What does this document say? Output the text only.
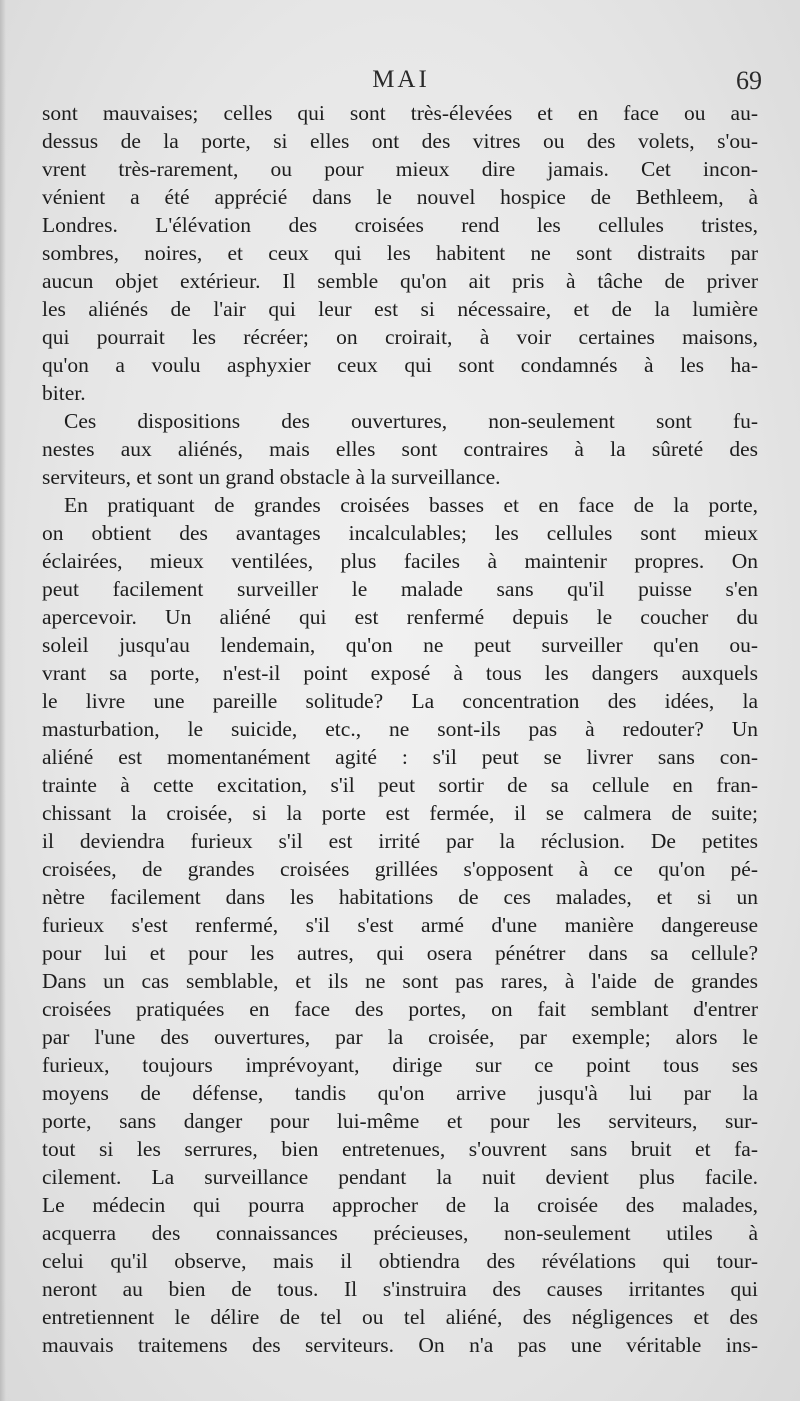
MAI	69
sont mauvaises; celles qui sont très-élevées et en face ou au-
dessus de la porte, si elles ont des vitres ou des volets, s'ou-
vrent très-rarement, ou pour mieux dire jamais. Cet incon-
vénient a été apprécié dans le nouvel hospice de Bethleem, à
Londres. L'élévation des croisées rend les cellules tristes,
sombres, noires, et ceux qui les habitent ne sont distraits par
aucun objet extérieur. Il semble qu'on ait pris à tâche de priver
les aliénés de l'air qui leur est si nécessaire, et de la lumière
qui pourrait les récréer; on croirait, à voir certaines maisons,
qu'on a voulu asphyxier ceux qui sont condamnés à les ha-
biter.
Ces dispositions des ouvertures, non-seulement sont fu-
nestes aux aliénés, mais elles sont contraires à la sûreté des
serviteurs, et sont un grand obstacle à la surveillance.
En pratiquant de grandes croisées basses et en face de la porte,
on obtient des avantages incalculables; les cellules sont mieux
éclairées, mieux ventilées, plus faciles à maintenir propres. On
peut facilement surveiller le malade sans qu'il puisse s'en
apercevoir. Un aliéné qui est renfermé depuis le coucher du
soleil jusqu'au lendemain, qu'on ne peut surveiller qu'en ou-
vrant sa porte, n'est-il point exposé à tous les dangers auxquels
le livre une pareille solitude? La concentration des idées, la
masturbation, le suicide, etc., ne sont-ils pas à redouter? Un
aliéné est momentanément agité : s'il peut se livrer sans con-
trainte à cette excitation, s'il peut sortir de sa cellule en fran-
chissant la croisée, si la porte est fermée, il se calmera de suite;
il deviendra furieux s'il est irrité par la réclusion. De petites
croisées, de grandes croisées grillées s'opposent à ce qu'on pé-
nètre facilement dans les habitations de ces malades, et si un
furieux s'est renfermé, s'il s'est armé d'une manière dangereuse
pour lui et pour les autres, qui osera pénétrer dans sa cellule?
Dans un cas semblable, et ils ne sont pas rares, à l'aide de grandes
croisées pratiquées en face des portes, on fait semblant d'entrer
par l'une des ouvertures, par la croisée, par exemple; alors le
furieux, toujours imprévoyant, dirige sur ce point tous ses
moyens de défense, tandis qu'on arrive jusqu'à lui par la
porte, sans danger pour lui-même et pour les serviteurs, sur-
tout si les serrures, bien entretenues, s'ouvrent sans bruit et fa-
cilement. La surveillance pendant la nuit devient plus facile.
Le médecin qui pourra approcher de la croisée des malades,
acquerra des connaissances précieuses, non-seulement utiles à
celui qu'il observe, mais il obtiendra des révélations qui tour-
neront au bien de tous. Il s'instruira des causes irritantes qui
entretiennent le délire de tel ou tel aliéné, des négligences et des
mauvais traitemens des serviteurs. On n'a pas une véritable ins-
